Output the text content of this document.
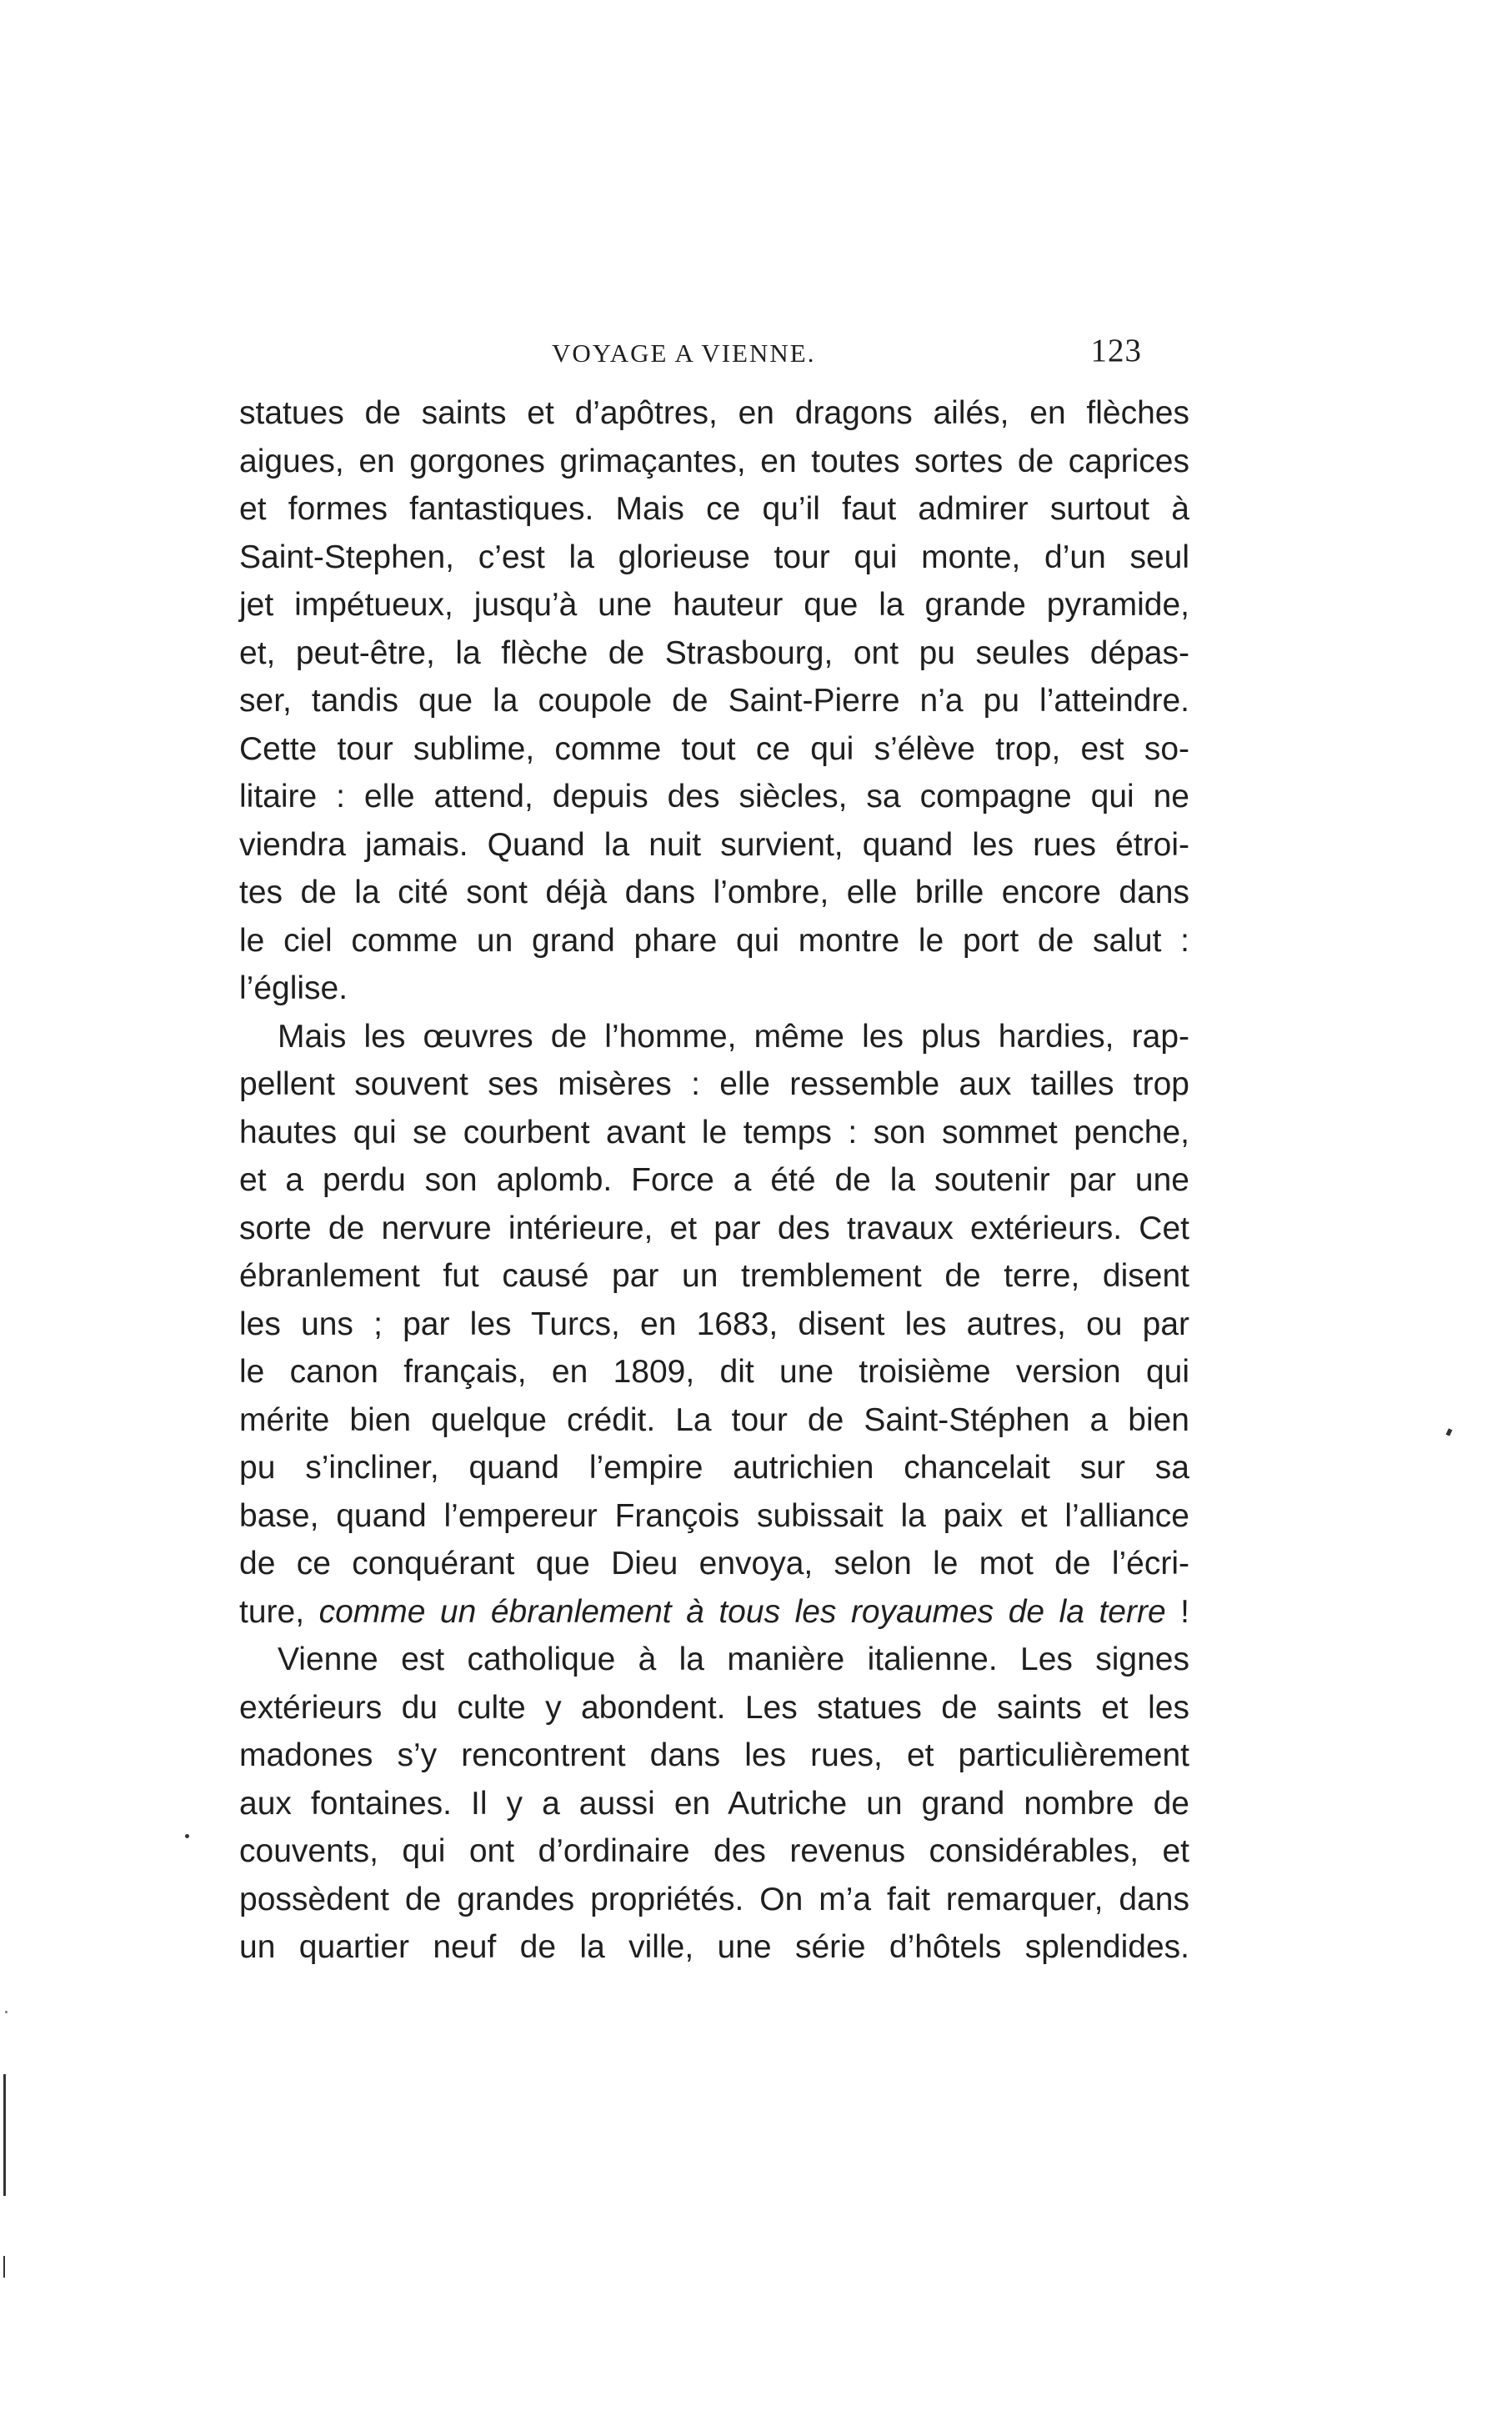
VOYAGE A VIENNE.	123
statues de saints et d’apôtres, en dragons ailés, en flèches
aigues, en gorgones grimaçantes, en toutes sortes de caprices
et formes fantastiques. Mais ce qu’il faut admirer surtout à
Saint-Stephen, c’est la glorieuse tour qui monte, d’un seul
jet impétueux, jusqu’à une hauteur que la grande pyramide,
et, peut-être, la flèche de Strasbourg, ont pu seules dépas-
ser, tandis que la coupole de Saint-Pierre n’a pu l’atteindre.
Cette tour sublime, comme tout ce qui s’élève trop, est so-
litaire : elle attend, depuis des siècles, sa compagne qui ne
viendra jamais. Quand la nuit survient, quand les rues étroi-
tes de la cité sont déjà dans l’ombre, elle brille encore dans
le ciel comme un grand phare qui montre le port de salut :
l’église.
Mais les œuvres de l’homme, même les plus hardies, rap-
pellent souvent ses misères : elle ressemble aux tailles trop
hautes qui se courbent avant le temps : son sommet penche,
et a perdu son aplomb. Force a été de la soutenir par une
sorte de nervure intérieure, et par des travaux extérieurs. Cet
ébranlement fut causé par un tremblement de terre, disent
les uns ; par les Turcs, en 1683, disent les autres, ou par
le canon français, en 1809, dit une troisième version qui
mérite bien quelque crédit. La tour de Saint-Stéphen a bien
pu s’incliner, quand l’empire autrichien chancelait sur sa
base, quand l’empereur François subissait la paix et l’alliance
de ce conquérant que Dieu envoya, selon le mot de l’écri-
ture, comme un ébranlement à tous les royaumes de la terre !
Vienne est catholique à la manière italienne. Les signes
extérieurs du culte y abondent. Les statues de saints et les
madones s’y rencontrent dans les rues, et particulièrement
aux fontaines. Il y a aussi en Autriche un grand nombre de
couvents, qui ont d’ordinaire des revenus considérables, et
possèdent de grandes propriétés. On m’a fait remarquer, dans
un quartier neuf de la ville, une série d’hôtels splendides.
